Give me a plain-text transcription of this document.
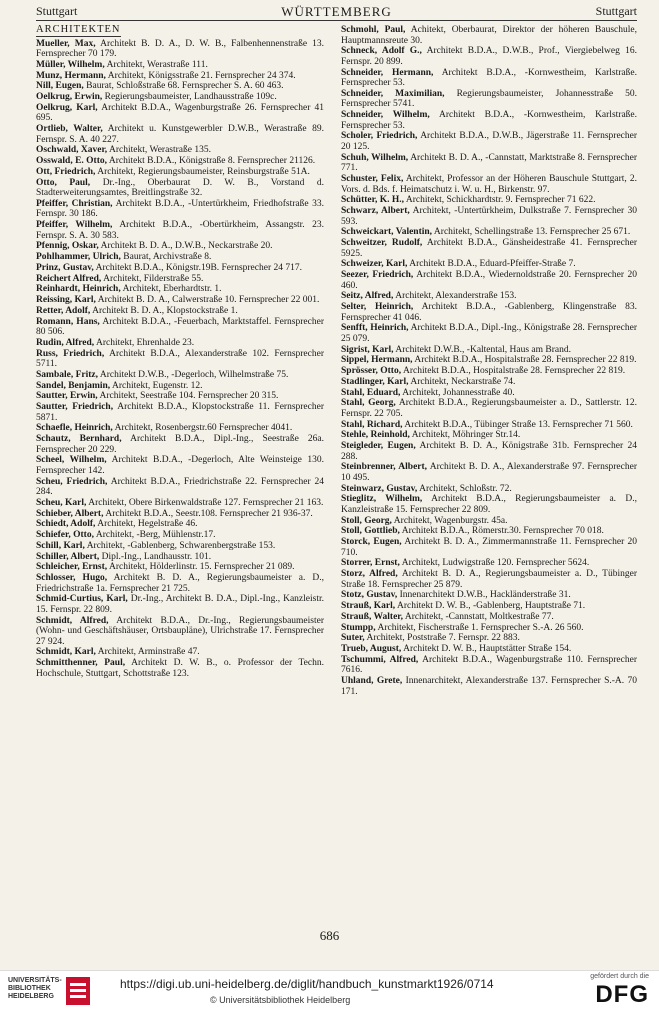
Stuttgart	WÜRTTEMBERG	Stuttgart
ARCHITEKTEN
Mueller, Max, Architekt B. D. A., D. W. B., Falbenhennenstraße 13. Fernsprecher 70 179.
Müller, Wilhelm, Architekt, Werastraße 111.
Munz, Hermann, Architekt, Königsstraße 21. Fernsprecher 24 374.
Nill, Eugen, Baurat, Schloßstraße 68. Fernsprecher S. A. 60 463.
Oelkrug, Erwin, Regierungsbaumeister, Landhausstraße 109c.
Oelkrug, Karl, Architekt B.D.A., Wagenburgstraße 26. Fernsprecher 41 695.
Ortlieb, Walter, Architekt u. Kunstgewerbler D.W.B., Werastraße 89. Fernspr. S. A. 40 227.
Oschwald, Xaver, Architekt, Werastraße 135.
Osswald, E. Otto, Architekt B.D.A., Königstraße 8. Fernsprecher 21126.
Ott, Friedrich, Architekt, Regierungsbaumeister, Reinsburgstraße 51A.
Otto, Paul, Dr.-Ing., Oberbaurat D. W. B., Vorstand d. Stadterweiterungsamtes, Breitlingstraße 32.
Pfeiffer, Christian, Architekt B.D.A., -Untertürkheim, Friedhofstraße 33. Fernspr. 30 186.
Pfeiffer, Wilhelm, Architekt B.D.A., -Obertürkheim, Assangstr. 23. Fernspr. S. A. 30 583.
Pfennig, Oskar, Architekt B. D. A., D.W.B., Neckarstraße 20.
Pohlhammer, Ulrich, Baurat, Archivstraße 8.
Prinz, Gustav, Architekt B.D.A., Königstr.19B. Fernsprecher 24 717.
Reichert Alfred, Architekt, Filderstraße 55.
Reinhardt, Heinrich, Architekt, Eberhardtstr. 1.
Reissing, Karl, Architekt B. D. A., Calwerstraße 10. Fernsprecher 22 001.
Retter, Adolf, Architekt B. D. A., Klopstockstraße 1.
Romann, Hans, Architekt B.D.A., -Feuerbach, Marktstaffel. Fernsprecher 80 506.
Rudin, Alfred, Architekt, Ehrenhalde 23.
Russ, Friedrich, Architekt B.D.A., Alexanderstraße 102. Fernsprecher 5711.
Sambale, Fritz, Architekt D.W.B., -Degerloch, Wilhelmstraße 75.
Sandel, Benjamin, Architekt, Eugenstr. 12.
Sautter, Erwin, Architekt, Seestraße 104. Fernsprecher 20 315.
Sautter, Friedrich, Architekt B.D.A., Klopstockstraße 11. Fernsprecher 5871.
Schaefle, Heinrich, Architekt, Rosenbergstr.60 Fernsprecher 4041.
Schautz, Bernhard, Architekt B.D.A., Dipl.-Ing., Seestraße 26a. Fernsprecher 20 229.
Scheel, Wilhelm, Architekt B.D.A., -Degerloch, Alte Weinsteige 130. Fernsprecher 142.
Scheu, Friedrich, Architekt B.D.A., Friedrichstraße 22. Fernsprecher 24 284.
Scheu, Karl, Architekt, Obere Birkenwaldstraße 127. Fernsprecher 21 163.
Schieber, Albert, Architekt B.D.A., Seestr.108. Fernsprecher 21 936-37.
Schiedt, Adolf, Architekt, Hegelstraße 46.
Schiefer, Otto, Architekt, -Berg, Mühlenstr.17.
Schill, Karl, Architekt, -Gablenberg, Schwarenbergstraße 153.
Schiller, Albert, Dipl.-Ing., Landhausstr. 101.
Schleicher, Ernst, Architekt, Hölderlinstr. 15. Fernsprecher 21 089.
Schlosser, Hugo, Architekt B. D. A., Regierungsbaumeister a. D., Friedrichstraße 1a. Fernsprecher 21 725.
Schmid-Curtius, Karl, Dr.-Ing., Architekt B. D.A., Dipl.-Ing., Kanzleistr. 15. Fernspr. 22 809.
Schmidt, Alfred, Architekt B.D.A., Dr.-Ing., Regierungsbaumeister (Wohn- und Geschäftshäuser, Ortsbaupläne), Ulrichstraße 17. Fernsprecher 27 924.
Schmidt, Karl, Architekt, Arminstraße 47.
Schmitthenner, Paul, Architekt D. W. B., o. Professor der Techn. Hochschule, Stuttgart, Schottstraße 123.
Schmohl, Paul, Achitekt, Oberbaurat, Direktor der höheren Bauschule, Hauptmannsreute 30.
Schneck, Adolf G., Architekt B.D.A., D.W.B., Prof., Viergiebelweg 16. Fernspr. 20 899.
Schneider, Hermann, Architekt B.D.A., -Kornwestheim, Karlstraße. Fernsprecher 53.
Schneider, Maximilian, Regierungsbaumeister, Johannesstraße 50. Fernsprecher 5741.
Schneider, Wilhelm, Architekt B.D.A., -Kornwestheim, Karlstraße. Fernsprecher 53.
Scholer, Friedrich, Architekt B.D.A., D.W.B., Jägerstraße 11. Fernsprecher 20 125.
Schuh, Wilhelm, Architekt B. D. A., -Cannstatt, Marktstraße 8. Fernsprecher 771.
Schuster, Felix, Architekt, Professor an der Höheren Bauschule Stuttgart, 2. Vors. d. Bds. f. Heimatschutz i. W. u. H., Birkenstr. 97.
Schütter, K. H., Architekt, Schickhardtstr. 9. Fernsprecher 71 622.
Schwarz, Albert, Architekt, -Untertürkheim, Dulkstraße 7. Fernsprecher 30 593.
Schweickart, Valentin, Architekt, Schellingstraße 13. Fernsprecher 25 671.
Schweitzer, Rudolf, Architekt B.D.A., Gänsheidestraße 41. Fernsprecher 5925.
Schweizer, Karl, Architekt B.D.A., Eduard-Pfeiffer-Straße 7.
Seezer, Friedrich, Architekt B.D.A., Wiedernoldstraße 20. Fernsprecher 20 460.
Seitz, Alfred, Architekt, Alexanderstraße 153.
Selter, Heinrich, Architekt B.D.A., -Gablenberg, Klingenstraße 83. Fernsprecher 41 046.
Senfft, Heinrich, Architekt B.D.A., Dipl.-Ing., Königstraße 28. Fernsprecher 25 079.
Sigrist, Karl, Architekt D.W.B., -Kaltental, Haus am Brand.
Sippel, Hermann, Architekt B.D.A., Hospitalstraße 28. Fernsprecher 22 819.
Sprösser, Otto, Architekt B.D.A., Hospitalstraße 28. Fernsprecher 22 819.
Stadlinger, Karl, Architekt, Neckarstraße 74.
Stahl, Eduard, Architekt, Johannesstraße 40.
Stahl, Georg, Architekt B.D.A., Regierungsbaumeister a. D., Sattlerstr. 12. Fernspr. 22 705.
Stahl, Richard, Architekt B.D.A., Tübinger Straße 13. Fernsprecher 71 560.
Stehle, Reinhold, Architekt, Möhringer Str.14.
Steigleder, Eugen, Architekt B. D. A., Königstraße 31b. Fernsprecher 24 288.
Steinbrenner, Albert, Architekt B. D. A., Alexanderstraße 97. Fernsprecher 10 495.
Steinwarz, Gustav, Architekt, Schloßstr. 72.
Stieglitz, Wilhelm, Architekt B.D.A., Regierungsbaumeister a. D., Kanzleistraße 15. Fernsprecher 22 809.
Stoll, Georg, Architekt, Wagenburgstr. 45a.
Stoll, Gottlieb, Architekt B.D.A., Römerstr.30. Fernsprecher 70 018.
Storck, Eugen, Architekt B. D. A., Zimmermannstraße 11. Fernsprecher 20 710.
Storrer, Ernst, Architekt, Ludwigstraße 120. Fernsprecher 5624.
Storz, Alfred, Architekt B. D. A., Regierungsbaumeister a. D., Tübinger Straße 18. Fernsprecher 25 879.
Stotz, Gustav, Innenarchitekt D.W.B., Hackländerstraße 31.
Strauß, Karl, Architekt D. W. B., -Gablenberg, Hauptstraße 71.
Strauß, Walter, Architekt, -Cannstatt, Moltkestraße 77.
Stumpp, Architekt, Fischerstraße 1. Fernsprecher S.-A. 26 560.
Suter, Architekt, Poststraße 7. Fernspr. 22 883.
Trueb, August, Architekt D. W. B., Hauptstätter Straße 154.
Tschummi, Alfred, Architekt B.D.A., Wagenburgstraße 110. Fernsprecher 7616.
Uhland, Grete, Innenarchitekt, Alexanderstraße 137. Fernsprecher S.-A. 70 171.
686
UNIVERSITÄTS-
BIBLIOTHEK
HEIDELBERG
https://digi.ub.uni-heidelberg.de/diglit/handbuch_kunstmarkt1926/0714
© Universitätsbibliothek Heidelberg
gefördert durch die
DFG
